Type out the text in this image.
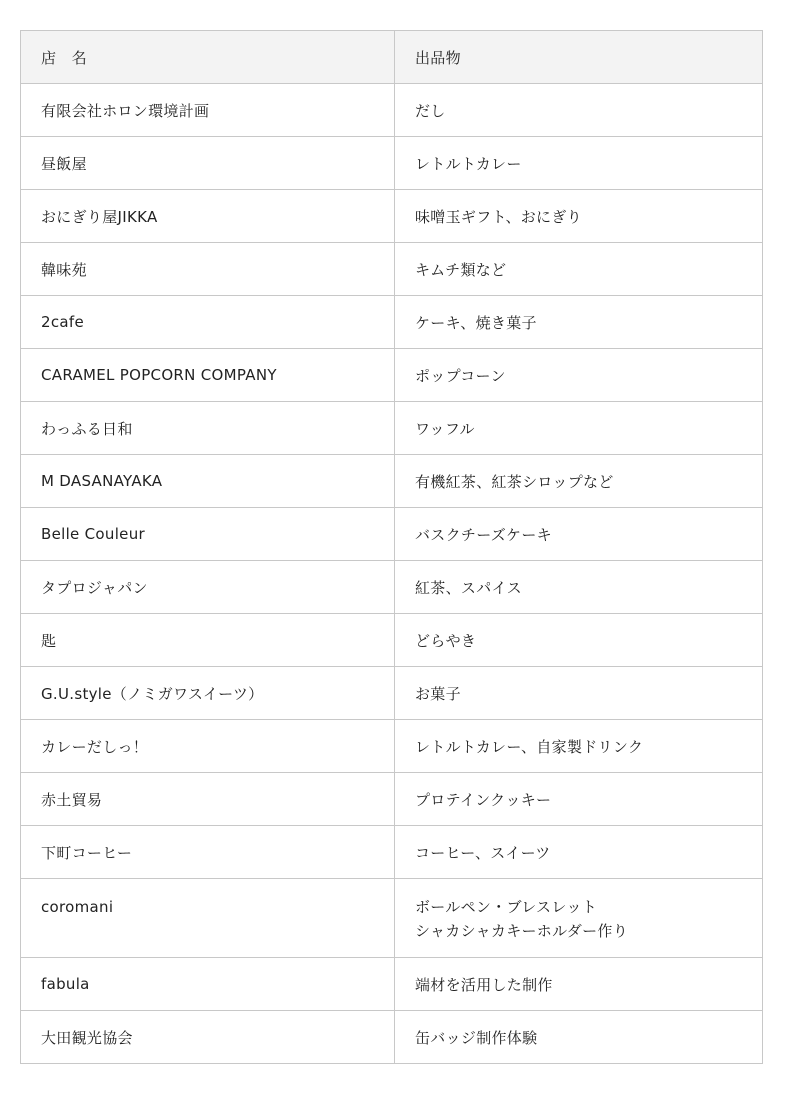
店　名	出品物
有限会社ホロン環境計画	だし
昼飯屋	レトルトカレー
おにぎり屋JIKKA	味噌玉ギフト、おにぎり
韓味苑	キムチ類など
2cafe	ケーキ、焼き菓子
CARAMEL POPCORN COMPANY	ポップコーン
わっふる日和	ワッフル
M DASANAYAKA	有機紅茶、紅茶シロップなど
Belle Couleur	バスクチーズケーキ
タプロジャパン	紅茶、スパイス
匙	どらやき
G.U.style（ノミガワスイーツ）	お菓子
カレーだしっ！	レトルトカレー、自家製ドリンク
赤土貿易	プロテインクッキー
下町コーヒー	コーヒー、スイーツ
coromani	ボールペン・ブレスレット
シャカシャカキーホルダー作り

fabula	端材を活用した制作
大田観光協会	缶バッジ制作体験
